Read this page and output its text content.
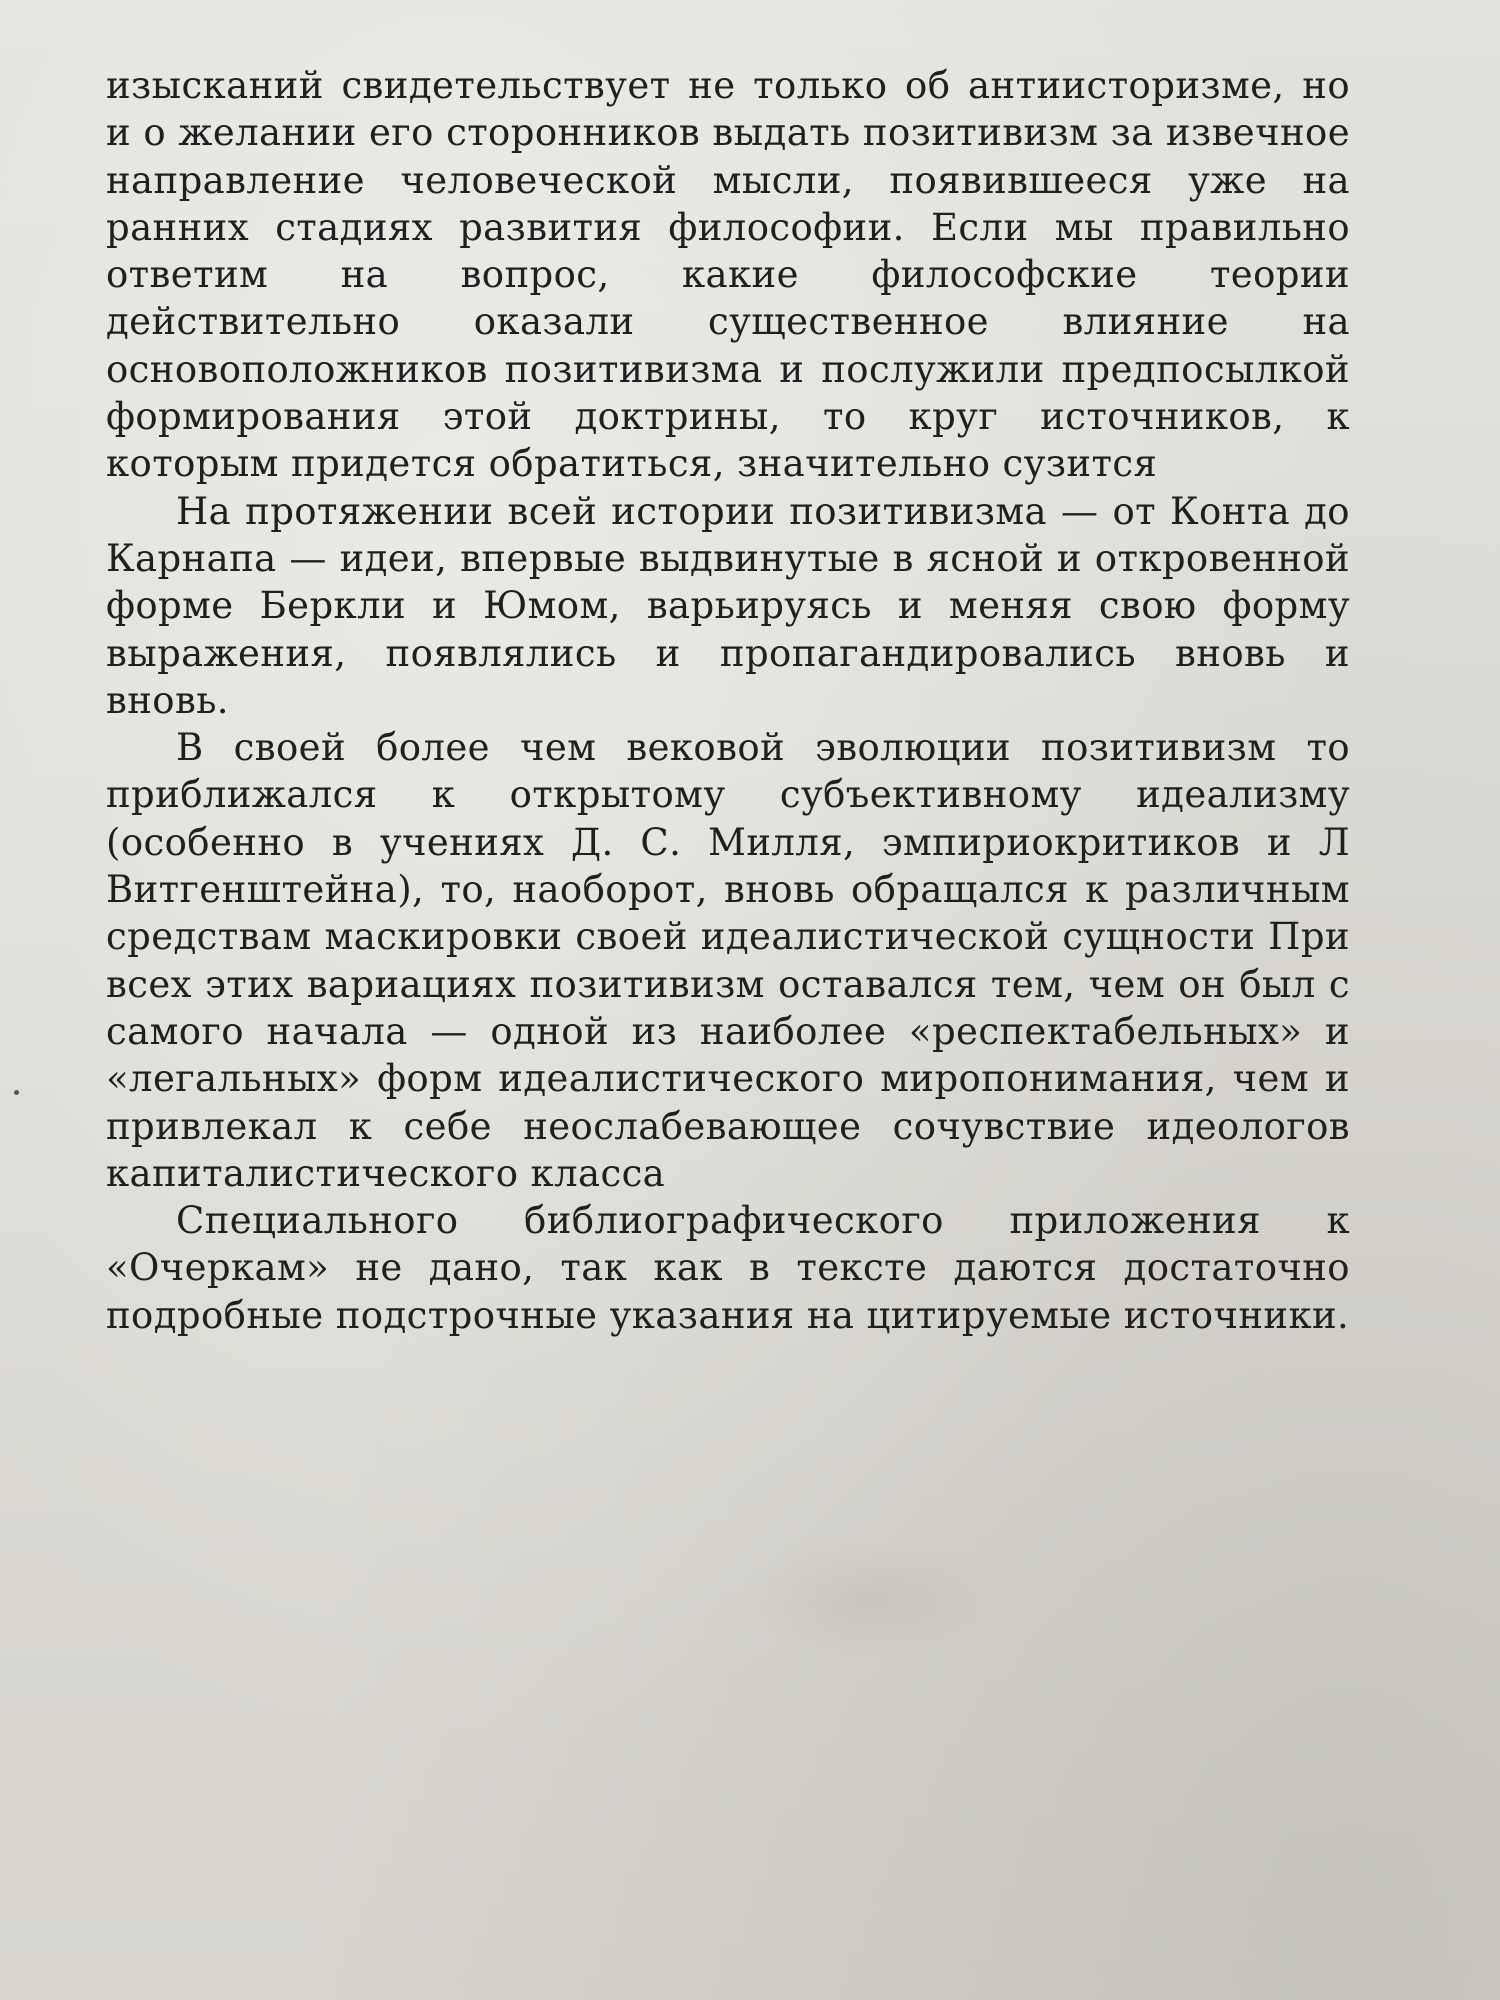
изысканий свидетельствует не только об антиисторизме, но и о желании его сторонников выдать позитивизм за извечное направление человеческой мысли, появившееся уже на ранних стадиях развития философии. Если мы правильно ответим на вопрос, какие философские теории действительно оказали существенное влияние на основоположников позитивизма и послужили предпосылкой формирования этой доктрины, то круг источников, к которым придется обратиться, значительно сузится

На протяжении всей истории позитивизма — от Конта до Карнапа — идеи, впервые выдвинутые в ясной и откровенной форме Беркли и Юмом, варьируясь и меняя свою форму выражения, появлялись и пропагандировались вновь и вновь.

В своей более чем вековой эволюции позитивизм то приближался к открытому субъективному идеализму (особенно в учениях Д. С. Милля, эмпириокритиков и Л Витгенштейна), то, наоборот, вновь обращался к различным средствам маскировки своей идеалистической сущности При всех этих вариациях позитивизм оставался тем, чем он был с самого начала — одной из наиболее «респектабельных» и «легальных» форм идеалистического миропонимания, чем и привлекал к себе неослабевающее сочувствие идеологов капиталистического класса

Специального библиографического приложения к «Очеркам» не дано, так как в тексте даются достаточно подробные подстрочные указания на цитируемые источники.
